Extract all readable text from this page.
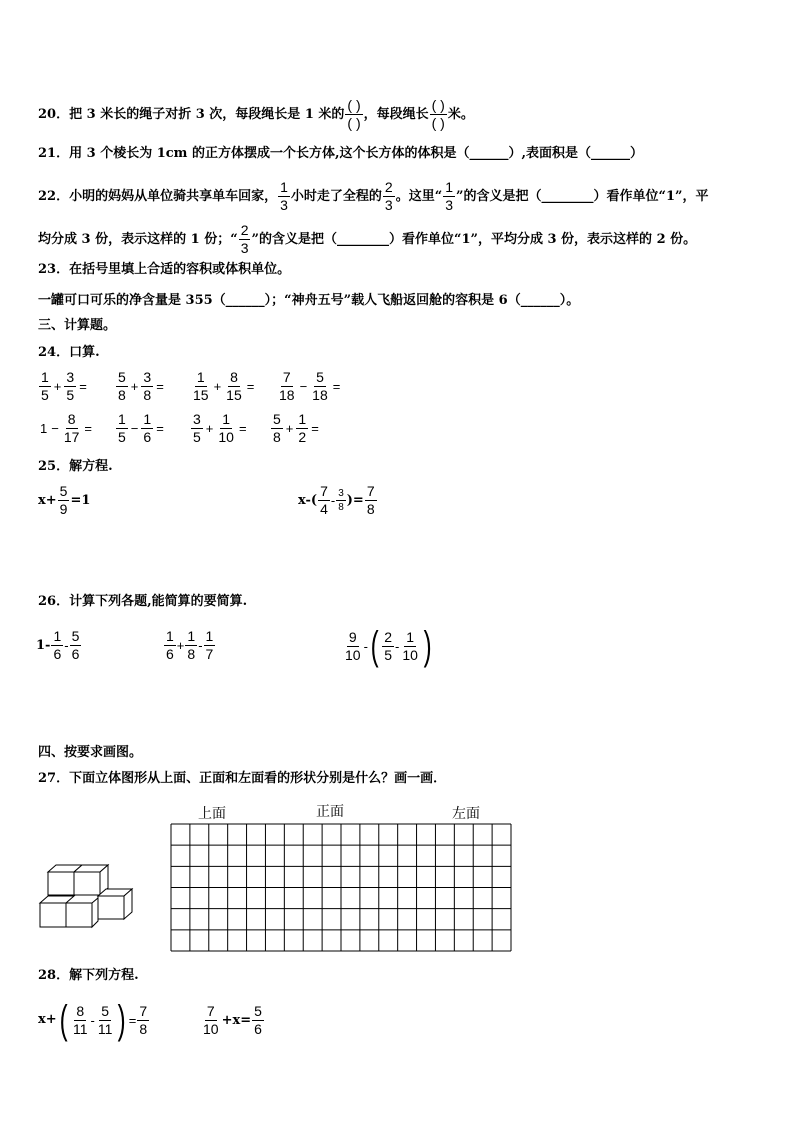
20．把 3 米长的绳子对折 3 次，每段绳长是 1 米的
( )
( )
，每段绳长
( )
( )
米。
21．用 3 个棱长为 1cm 的正方体摆成一个长方体,这个长方体的体积是（______）,表面积是（______）
22．小明的妈妈从单位骑共享单车回家， $\frac{1}{3}$ 小时走了全程的 $\frac{2}{3}$ 。这里“ $\frac{1}{3}$ ”的含义是把（________）看作单位“1”，平
均分成 3 份，表示这样的 1 份；“ $\frac{2}{3}$ ”的含义是把（________）看作单位“1”，平均分成 3 份，表示这样的 2 份。
23．在括号里填上合适的容积或体积单位。
一罐可口可乐的净含量是 355（______）；“神舟五号”载人飞船返回舱的容积是 6（______）。
三、计算题。
24．口算.
$\frac{1}{5} + \frac{3}{5} = \frac{5}{8} + \frac{3}{8} = \frac{1}{15} + \frac{8}{15} = \frac{7}{18} - \frac{5}{18}$ =
$1 - \frac{8}{17} = \frac{1}{5} - \frac{1}{6} = \frac{3}{5} + \frac{1}{10} = \frac{5}{8} + \frac{1}{2}$ =
25．解方程.
$x+ \frac{5}{9} =1$	$x-( \frac{7}{4} - \frac{3}{8}$ )= $\frac{7}{8}$
26．计算下列各题,能简算的要简算.
$1- \frac{1}{6} - \frac{5}{6}$	$\frac{1}{6} + \frac{1}{8} - \frac{1}{7}$	$\frac{9}{10}$ - ( $\frac{2}{5} - \frac{1}{10}$ )
四、按要求画图。
27．下面立体图形从上面、正面和左面看的形状分别是什么？画一画．
上面	正面	左面
28．解下列方程.
x+ ( $\frac{8}{11} - \frac{5}{11}$ ) = $\frac{7}{8}$	$\frac{7}{10} +x= \frac{5}{6}$
